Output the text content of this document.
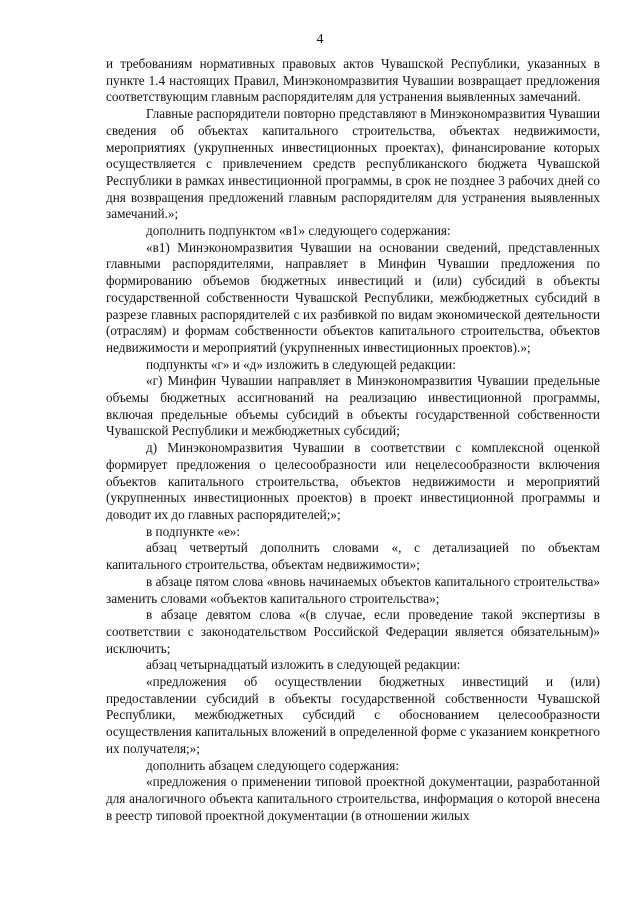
4

и требованиям нормативных правовых актов Чувашской Республики, указанных в пункте 1.4 настоящих Правил, Минэкономразвития Чувашии возвращает предложения соответствующим главным распорядителям для устранения выявленных замечаний.

Главные распорядители повторно представляют в Минэкономразвития Чувашии сведения об объектах капитального строительства, объектах недвижимости, мероприятиях (укрупненных инвестиционных проектах), финансирование которых осуществляется с привлечением средств республиканского бюджета Чувашской Республики в рамках инвестиционной программы, в срок не позднее 3 рабочих дней со дня возвращения предложений главным распорядителям для устранения выявленных замечаний.»;

дополнить подпунктом «в1» следующего содержания:

«в1) Минэкономразвития Чувашии на основании сведений, представленных главными распорядителями, направляет в Минфин Чувашии предложения по формированию объемов бюджетных инвестиций и (или) субсидий в объекты государственной собственности Чувашской Республики, межбюджетных субсидий в разрезе главных распорядителей с их разбивкой по видам экономической деятельности (отраслям) и формам собственности объектов капитального строительства, объектов недвижимости и мероприятий (укрупненных инвестиционных проектов).»;

подпункты «г» и «д» изложить в следующей редакции:

«г) Минфин Чувашии направляет в Минэкономразвития Чувашии предельные объемы бюджетных ассигнований на реализацию инвестиционной программы, включая предельные объемы субсидий в объекты государственной собственности Чувашской Республики и межбюджетных субсидий;

д) Минэкономразвития Чувашии в соответствии с комплексной оценкой формирует предложения о целесообразности или нецелесообразности включения объектов капитального строительства, объектов недвижимости и мероприятий (укрупненных инвестиционных проектов) в проект инвестиционной программы и доводит их до главных распорядителей;»;

в подпункте «е»:

абзац четвертый дополнить словами «, с детализацией по объектам капитального строительства, объектам недвижимости»;

в абзаце пятом слова «вновь начинаемых объектов капитального строительства» заменить словами «объектов капитального строительства»;

в абзаце девятом слова «(в случае, если проведение такой экспертизы в соответствии с законодательством Российской Федерации является обязательным)» исключить;

абзац четырнадцатый изложить в следующей редакции:

«предложения об осуществлении бюджетных инвестиций и (или) предоставлении субсидий в объекты государственной собственности Чувашской Республики, межбюджетных субсидий с обоснованием целесообразности осуществления капитальных вложений в определенной форме с указанием конкретного их получателя;»;

дополнить абзацем следующего содержания:

«предложения о применении типовой проектной документации, разработанной для аналогичного объекта капитального строительства, информация о которой внесена в реестр типовой проектной документации (в отношении жилых
